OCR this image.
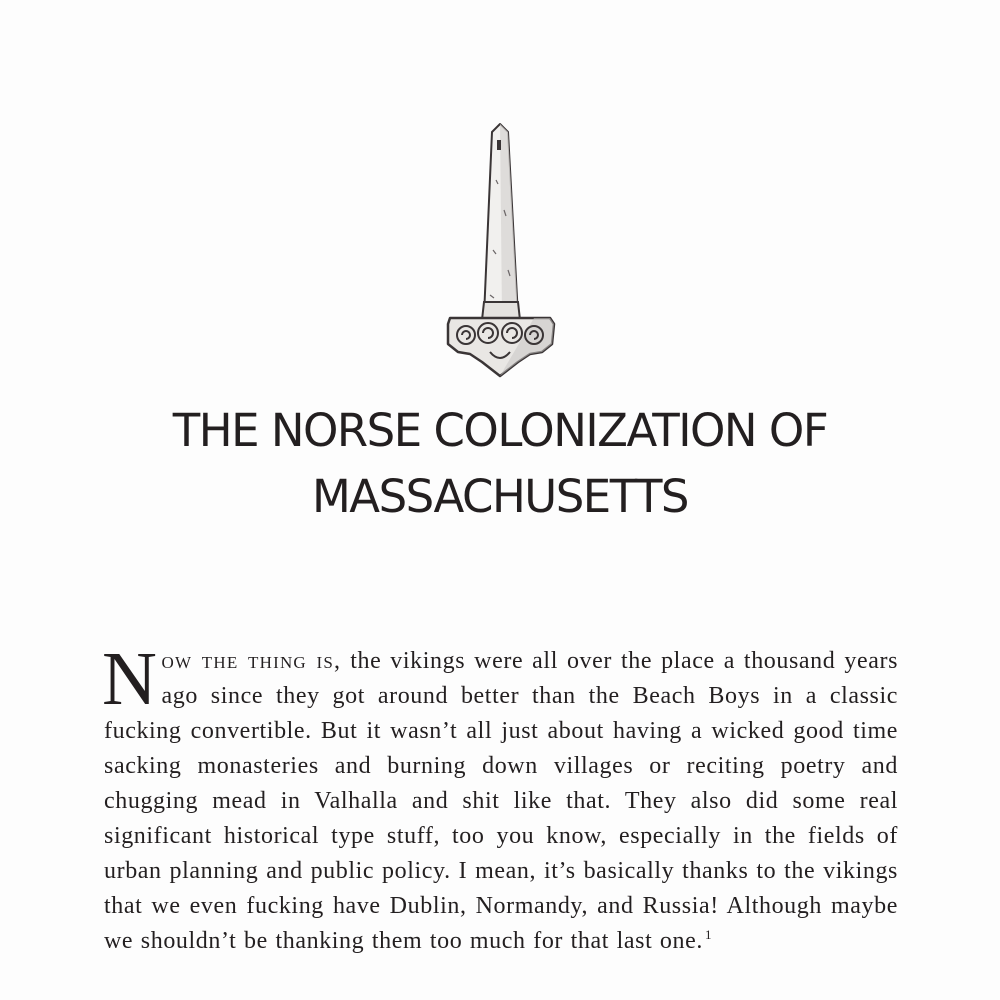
THE NORSE COLONIZATION OF
MASSACHUSETTS

Now the thing is, the vikings were all over the place a thousand years ago since they got around better than the Beach Boys in a classic fucking convertible. But it wasn’t all just about having a wicked good time sacking monasteries and burning down villages or reciting poetry and chugging mead in Valhalla and shit like that. They also did some real significant historical type stuff, too you know, especially in the fields of urban planning and public policy. I mean, it’s basically thanks to the vikings that we even fucking have Dublin, Normandy, and Russia! Although maybe we shouldn’t be thanking them too much for that last one. $^1$
